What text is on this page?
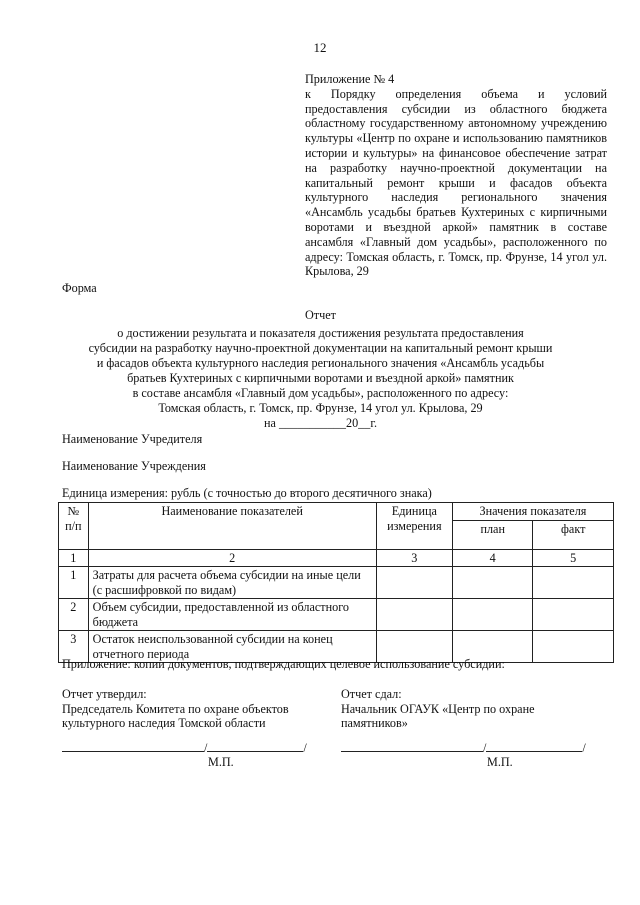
12
Приложение № 4
к Порядку определения объема и условий предоставления субсидии из областного бюджета областному государственному автономному учреждению культуры «Центр по охране и использованию памятников истории и культуры» на финансовое обеспечение затрат на разработку научно-проектной документации на капитальный ремонт крыши и фасадов объекта культурного наследия регионального значения «Ансамбль усадьбы братьев Кухтериных с кирпичными воротами и въездной аркой» памятник в составе ансамбля «Главный дом усадьбы», расположенного по адресу: Томская область, г. Томск, пр. Фрунзе, 14 угол ул. Крылова, 29
Форма
Отчет
о достижении результата и показателя достижения результата предоставления
субсидии на разработку научно-проектной документации на капитальный ремонт крыши
и фасадов объекта культурного наследия регионального значения «Ансамбль усадьбы
братьев Кухтериных с кирпичными воротами и въездной аркой» памятник
в составе ансамбля «Главный дом усадьбы», расположенного по адресу:
Томская область, г. Томск, пр. Фрунзе, 14 угол ул. Крылова, 29
на ___________20__г.
Наименование Учредителя
Наименование Учреждения
Единица измерения: рубль (с точностью до второго десятичного знака)
№ п/п	Наименование показателей	Единица измерения	Значения показателя	
			план	факт
1	2	3	4	5
1	Затраты для расчета объема субсидии на иные цели (с расшифровкой по видам)			
2	Объем субсидии, предоставленной из областного бюджета			
3	Остаток неиспользованной субсидии на конец отчетного периода			
Приложение: копии документов, подтверждающих целевое использование субсидии:
Отчет утвердил:
Председатель Комитета по охране объектов культурного наследия Томской области
/	/
М.П.
Отчет сдал:
Начальник ОГАУК «Центр по охране памятников»
/	/
М.П.
